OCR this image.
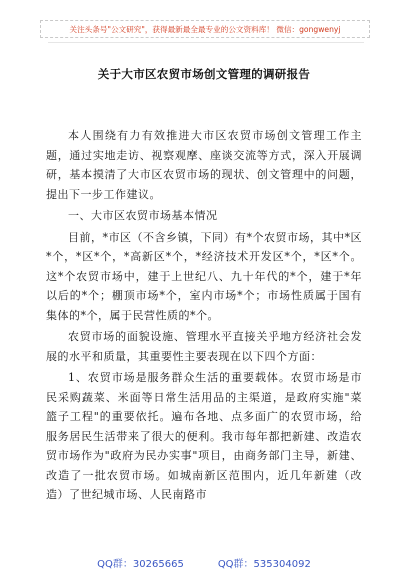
关注头条号"公文研究"，获得最新最全最专业的公文资料库！ 微信：gongwenyj
关于大市区农贸市场创文管理的调研报告

本人围绕有力有效推进大市区农贸市场创文管理工作主题，通过实地走访、视察观摩、座谈交流等方式，深入开展调研，基本摸清了大市区农贸市场的现状、创文管理中的问题，提出下一步工作建议。

一、大市区农贸市场基本情况

目前，*市区（不含乡镇，下同）有*个农贸市场，其中*区*个，*区*个，*高新区*个，*经济技术开发区*个，*区*个。这*个农贸市场中，建于上世纪八、九十年代的*个，建于*年以后的*个；棚顶市场*个，室内市场*个；市场性质属于国有集体的*个，属于民营性质的*个。

农贸市场的面貌设施、管理水平直接关乎地方经济社会发展的水平和质量，其重要性主要表现在以下四个方面：

1、农贸市场是服务群众生活的重要载体。农贸市场是市民采购蔬菜、米面等日常生活用品的主渠道，是政府实施"菜篮子工程"的重要依托。遍布各地、点多面广的农贸市场，给服务居民生活带来了很大的便利。我市每年都把新建、改造农贸市场作为"政府为民办实事"项目，由商务部门主导，新建、改造了一批农贸市场。如城南新区范围内，近几年新建（改造）了世纪城市场、人民南路市

QQ群：30265665	QQ群：535304092
